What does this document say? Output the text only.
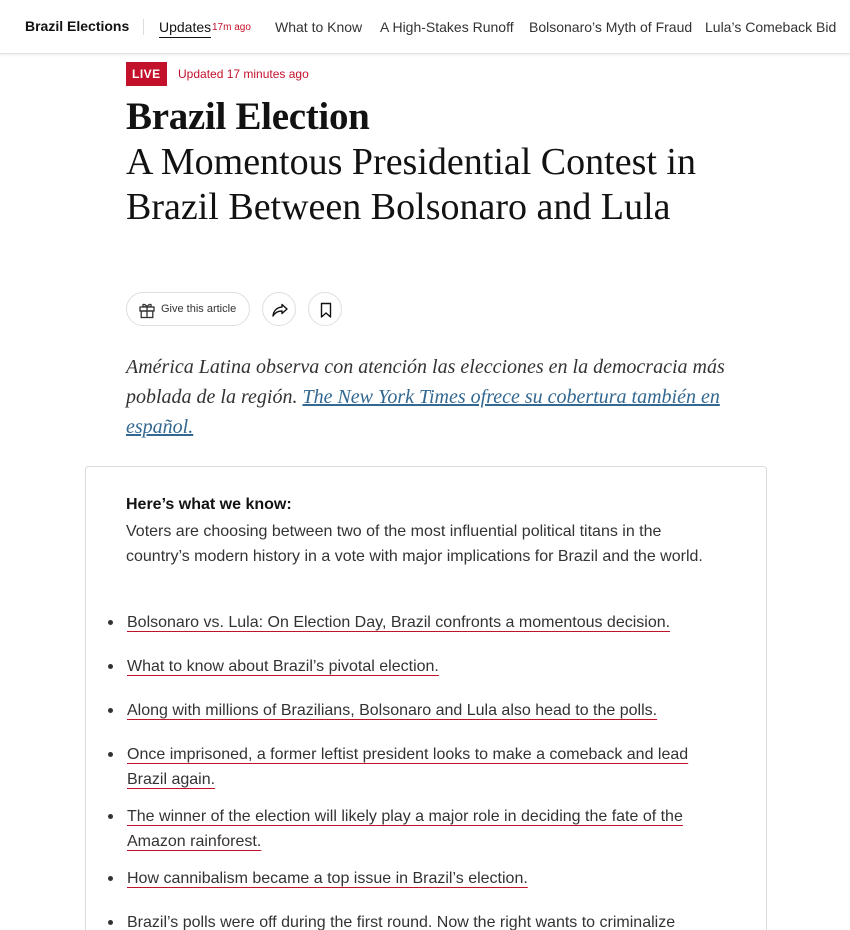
Brazil Elections Updates 17m ago What to Know A High-Stakes Runoff Bolsonaro’s Myth of Fraud Lula’s Comeback Bid
LIVE	Updated 17 minutes ago
Brazil Election
A Momentous Presidential Contest in Brazil Between Bolsonaro and Lula
Give this article

América Latina observa con atención las elecciones en la democracia más poblada de la región. The New York Times ofrece su cobertura también en español.

Here’s what we know:

Voters are choosing between two of the most influential political titans in the country’s modern history in a vote with major implications for Brazil and the world.

Bolsonaro vs. Lula: On Election Day, Brazil confronts a momentous decision.
What to know about Brazil’s pivotal election.
Along with millions of Brazilians, Bolsonaro and Lula also head to the polls.
Once imprisoned, a former leftist president looks to make a comeback and lead Brazil again.
The winner of the election will likely play a major role in deciding the fate of the Amazon rainforest.
How cannibalism became a top issue in Brazil’s election.
Brazil’s polls were off during the first round. Now the right wants to criminalize
